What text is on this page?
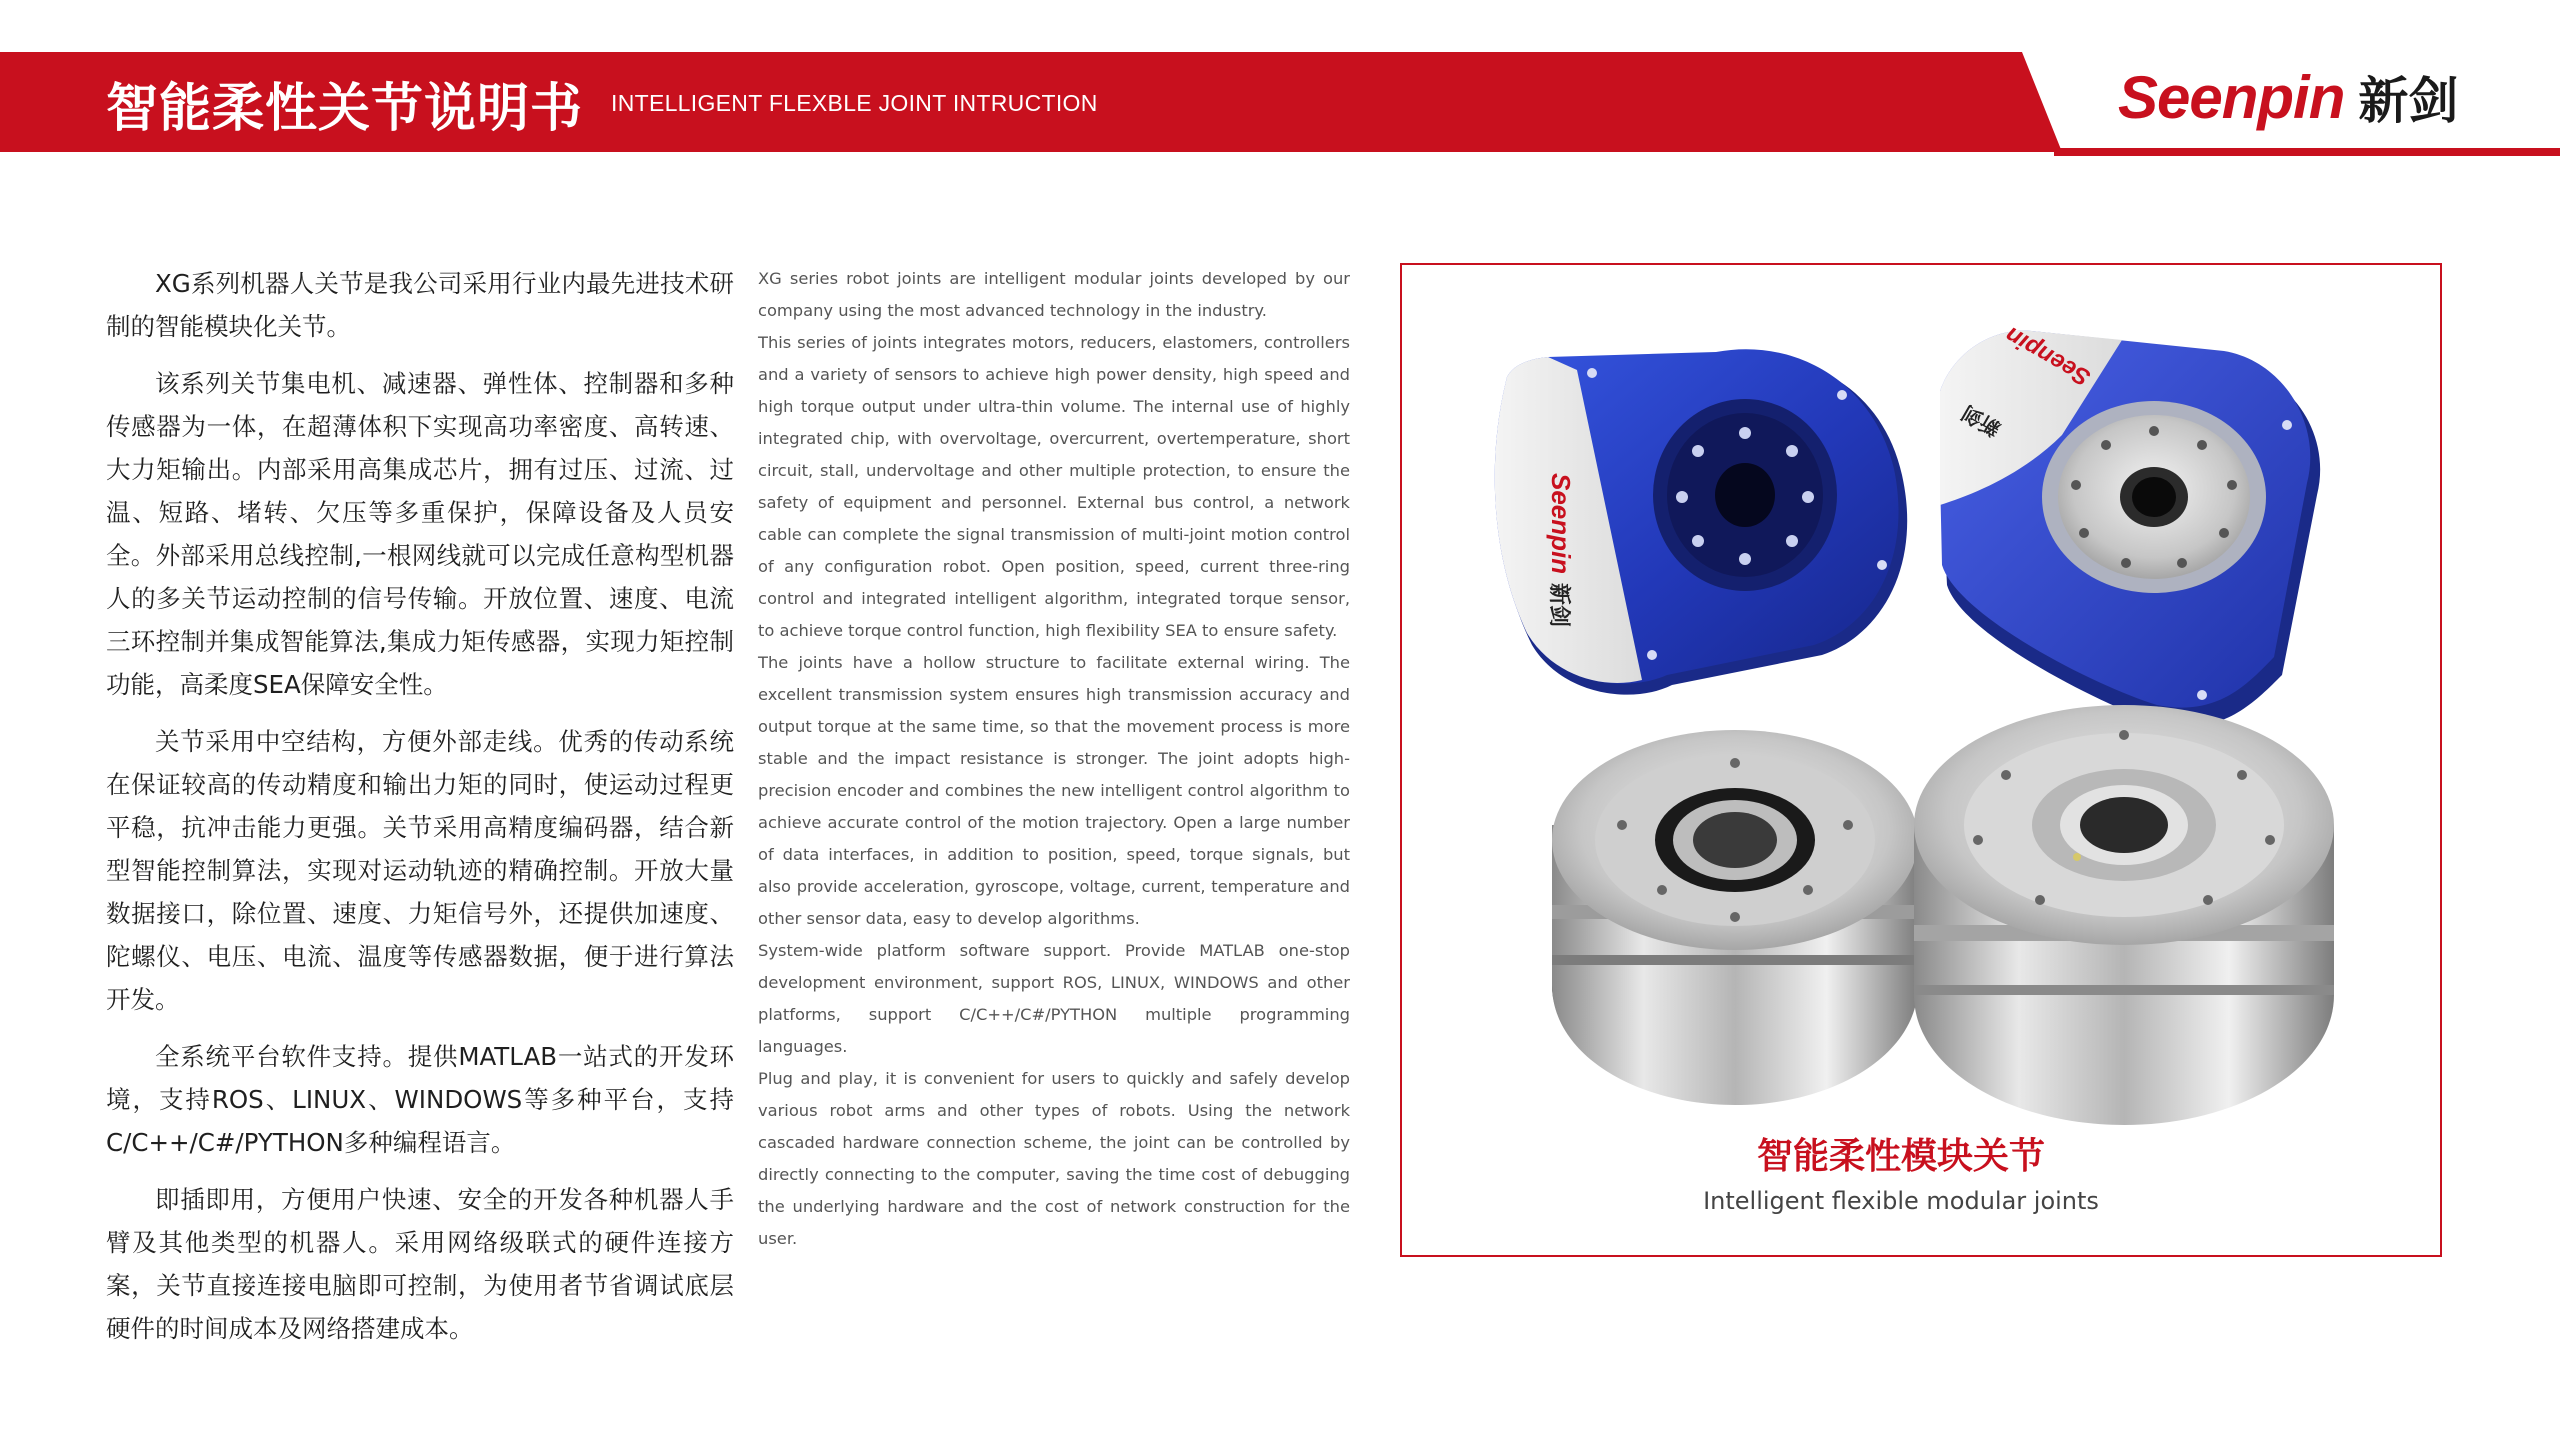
智能柔性关节说明书 INTELLIGENT FLEXBLE JOINT INTRUCTION	Seenpin 新剑

XG系列机器人关节是我公司采用行业内最先进技术研制的智能模块化关节。

该系列关节集电机、减速器、弹性体、控制器和多种传感器为一体，在超薄体积下实现高功率密度、高转速、大力矩输出。内部采用高集成芯片，拥有过压、过流、过温、短路、堵转、欠压等多重保护，保障设备及人员安全。外部采用总线控制,一根网线就可以完成任意构型机器人的多关节运动控制的信号传输。开放位置、速度、电流三环控制并集成智能算法,集成力矩传感器，实现力矩控制功能，高柔度SEA保障安全性。

关节采用中空结构，方便外部走线。优秀的传动系统在保证较高的传动精度和输出力矩的同时，使运动过程更平稳，抗冲击能力更强。关节采用高精度编码器，结合新型智能控制算法，实现对运动轨迹的精确控制。开放大量数据接口，除位置、速度、力矩信号外，还提供加速度、陀螺仪、电压、电流、温度等传感器数据，便于进行算法开发。

全系统平台软件支持。提供MATLAB一站式的开发环境，支持ROS、LINUX、WINDOWS等多种平台，支持C/C++/C#/PYTHON多种编程语言。

即插即用，方便用户快速、安全的开发各种机器人手臂及其他类型的机器人。采用网络级联式的硬件连接方案，关节直接连接电脑即可控制，为使用者节省调试底层硬件的时间成本及网络搭建成本。

XG series robot joints are intelligent modular joints developed by our company using the most advanced technology in the industry.

This series of joints integrates motors, reducers, elastomers, controllers and a variety of sensors to achieve high power density, high speed and high torque output under ultra-thin volume. The internal use of highly integrated chip, with overvoltage, overcurrent, overtemperature, short circuit, stall, undervoltage and other multiple protection, to ensure the safety of equipment and personnel. External bus control, a network cable can complete the signal transmission of multi-joint motion control of any configuration robot. Open position, speed, current three-ring control and integrated intelligent algorithm, integrated torque sensor, to achieve torque control function, high flexibility SEA to ensure safety.

The joints have a hollow structure to facilitate external wiring. The excellent transmission system ensures high transmission accuracy and output torque at the same time, so that the movement process is more stable and the impact resistance is stronger. The joint adopts high-precision encoder and combines the new intelligent control algorithm to achieve accurate control of the motion trajectory. Open a large number of data interfaces, in addition to position, speed, torque signals, but also provide acceleration, gyroscope, voltage, current, temperature and other sensor data, easy to develop algorithms.

System-wide platform software support. Provide MATLAB one-stop development environment, support ROS, LINUX, WINDOWS and other platforms, support C/C++/C#/PYTHON multiple programming languages.

Plug and play, it is convenient for users to quickly and safely develop various robot arms and other types of robots. Using the network cascaded hardware connection scheme, the joint can be controlled by directly connecting to the computer, saving the time cost of debugging the underlying hardware and the cost of network construction for the user.

Seenpin
新剑
Seenpin
新剑
智能柔性模块关节
Intelligent flexible modular joints
